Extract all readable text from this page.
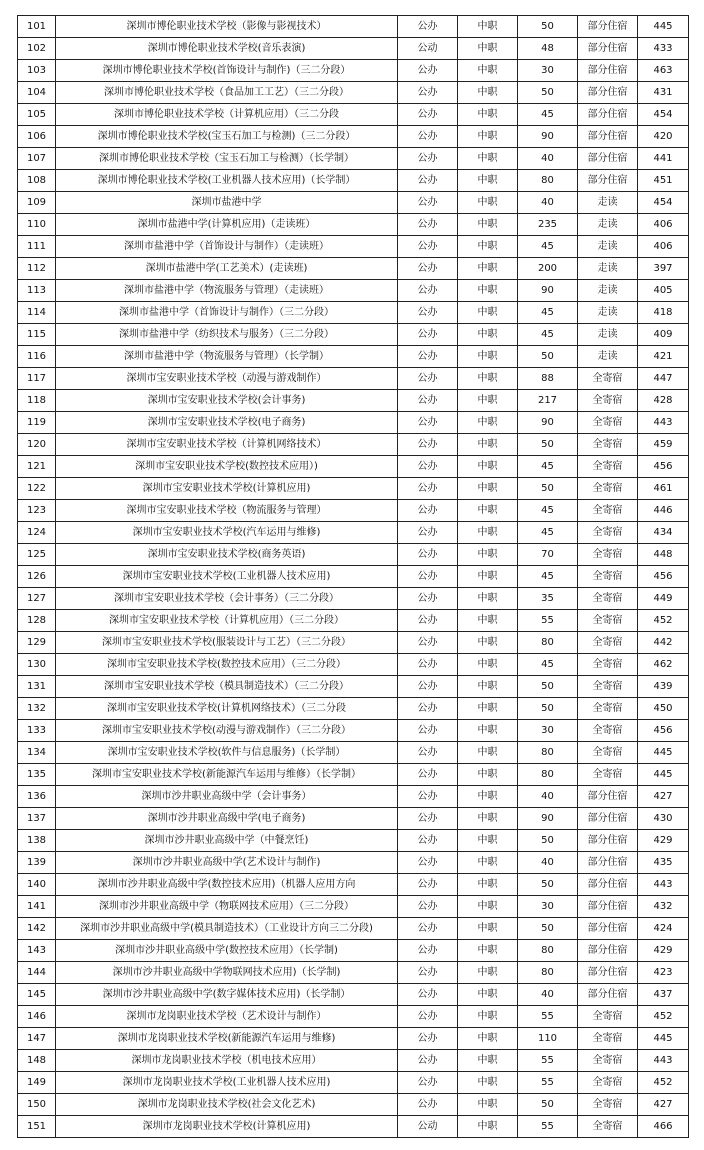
101	深圳市博伦职业技术学校（影像与影视技术）	公办	中职	50	部分住宿	445
102	深圳市博伦职业技术学校(音乐表演)	公动	中职	48	部分住宿	433
103	深圳市博伦职业技术学校(首饰设计与制作)（三二分段）	公办	中职	30	部分住宿	463
104	深圳市博伦职业技术学校（食品加工工艺）（三二分段）	公办	中职	50	部分住宿	431
105	深圳市博伦职业技术学校（计算机应用）（三二分段	公办	中职	45	部分住宿	454
106	深圳市博伦职业技术学校(宝玉石加工与检测)（三二分段）	公办	中职	90	部分住宿	420
107	深圳市博伦职业技术学校（宝玉石加工与检测）（长学制）	公办	中职	40	部分住宿	441
108	深圳市博伦职业技术学校(工业机器人技术应用)（长学制）	公办	中职	80	部分住宿	451
109	深圳市盐港中学	公办	中职	40	走读	454
110	深圳市盐港中学(计算机应用)（走读班）	公办	中职	235	走读	406
111	深圳市盐港中学（首饰设计与制作）（走读班）	公办	中职	45	走读	406
112	深圳市盐港中学(工艺美术）(走读班)	公办	中职	200	走读	397
113	深圳市盐港中学（物流服务与管理）（走读班）	公办	中职	90	走读	405
114	深圳市盐港中学（首饰设计与制作）（三二分段）	公办	中职	45	走读	418
115	深圳市盐港中学（纺织技术与服务）（三二分段）	公办	中职	45	走读	409
116	深圳市盐港中学（物流服务与管理）（长学制）	公办	中职	50	走读	421
117	深圳市宝安职业技术学校（动漫与游戏制作）	公办	中职	88	全寄宿	447
118	深圳市宝安职业技术学校(会计事务)	公办	中职	217	全寄宿	428
119	深圳市宝安职业技术学校(电子商务)	公办	中职	90	全寄宿	443
120	深圳市宝安职业技术学校（计算机网络技术）	公办	中职	50	全寄宿	459
121	深圳市宝安职业技术学校(数控技术应用）)	公办	中职	45	全寄宿	456
122	深圳市宝安职业技术学校(计算机应用)	公办	中职	50	全寄宿	461
123	深圳市宝安职业技术学校（物流服务与管理）	公办	中职	45	全寄宿	446
124	深圳市宝安职业技术学校(汽车运用与维修)	公办	中职	45	全寄宿	434
125	深圳市宝安职业技术学校(商务英语)	公办	中职	70	全寄宿	448
126	深圳市宝安职业技术学校(工业机器人技术应用)	公办	中职	45	全寄宿	456
127	深圳市宝安职业技术学校（会计事务）（三二分段）	公办	中职	35	全寄宿	449
128	深圳市宝安职业技术学校（计算机应用）（三二分段）	公办	中职	55	全寄宿	452
129	深圳市宝安职业技术学校(服装设计与工艺）（三二分段）	公办	中职	80	全寄宿	442
130	深圳市宝安职业技术学校(数控技术应用）（三二分段）	公办	中职	45	全寄宿	462
131	深圳市宝安职业技术学校（模具制造技术）（三二分段）	公办	中职	50	全寄宿	439
132	深圳市宝安职业技术学校(计算机网络技术）（三二分段	公办	中职	50	全寄宿	450
133	深圳市宝安职业技术学校(动漫与游戏制作）（三二分段）	公办	中职	30	全寄宿	456
134	深圳市宝安职业技术学校(软件与信息服务)（长学制）	公办	中职	80	全寄宿	445
135	深圳市宝安职业技术学校(新能源汽车运用与维修）（长学制）	公办	中职	80	全寄宿	445
136	深圳市沙井职业高级中学（会计事务）	公办	中职	40	部分住宿	427
137	深圳市沙井职业高级中学(电子商务)	公办	中职	90	部分住宿	430
138	深圳市沙井职业高级中学（中餐烹饪)	公办	中职	50	部分住宿	429
139	深圳市沙井职业高级中学(艺术设计与制作)	公办	中职	40	部分住宿	435
140	深圳市沙井职业高级中学(数控技术应用)（机器人应用方向	公办	中职	50	部分住宿	443
141	深圳市沙井职业高级中学（物联网技术应用）（三二分段）	公办	中职	30	部分住宿	432
142	深圳市沙井职业高级中学(模具制造技术）（工业设计方向三二分段)	公办	中职	50	部分住宿	424
143	深圳市沙井职业高级中学(数控技术应用）（长学制)	公办	中职	80	部分住宿	429
144	深圳市沙井职业高级中学物联网技术应用)（长学制)	公办	中职	80	部分住宿	423
145	深圳市沙井职业高级中学(数字媒体技术应用)（长学制）	公办	中职	40	部分住宿	437
146	深圳市龙岗职业技术学校（艺术设计与制作）	公办	中职	55	全寄宿	452
147	深圳市龙岗职业技术学校(新能源汽车运用与维修)	公办	中职	110	全寄宿	445
148	深圳市龙岗职业技术学校（机电技术应用）	公办	中职	55	全寄宿	443
149	深圳市龙岗职业技术学校(工业机器人技术应用)	公办	中职	55	全寄宿	452
150	深圳市龙岗职业技术学校(社会文化艺术)	公办	中职	50	全寄宿	427
151	深圳市龙岗职业技术学校(计算机应用)	公动	中职	55	全寄宿	466
